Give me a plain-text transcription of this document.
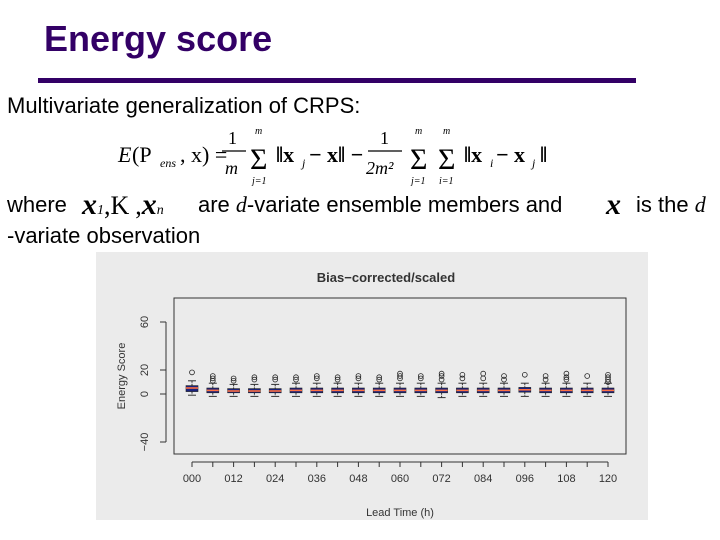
Energy score
Multivariate generalization of CRPS:
E (P ens , x) =
1
m
m
Σ
j=1
‖x j − x‖ −
1
2m²
m
Σ
j=1
m
Σ
i=1
‖x i − x j ‖
where x1,K ,xn are d-variate ensemble members and x is the d
-variate observation
Bias−corrected/scaled
Energy Score
Lead Time (h)
−40
0
20
60
000 012 024 036 048 060 072 084 096 108 120
